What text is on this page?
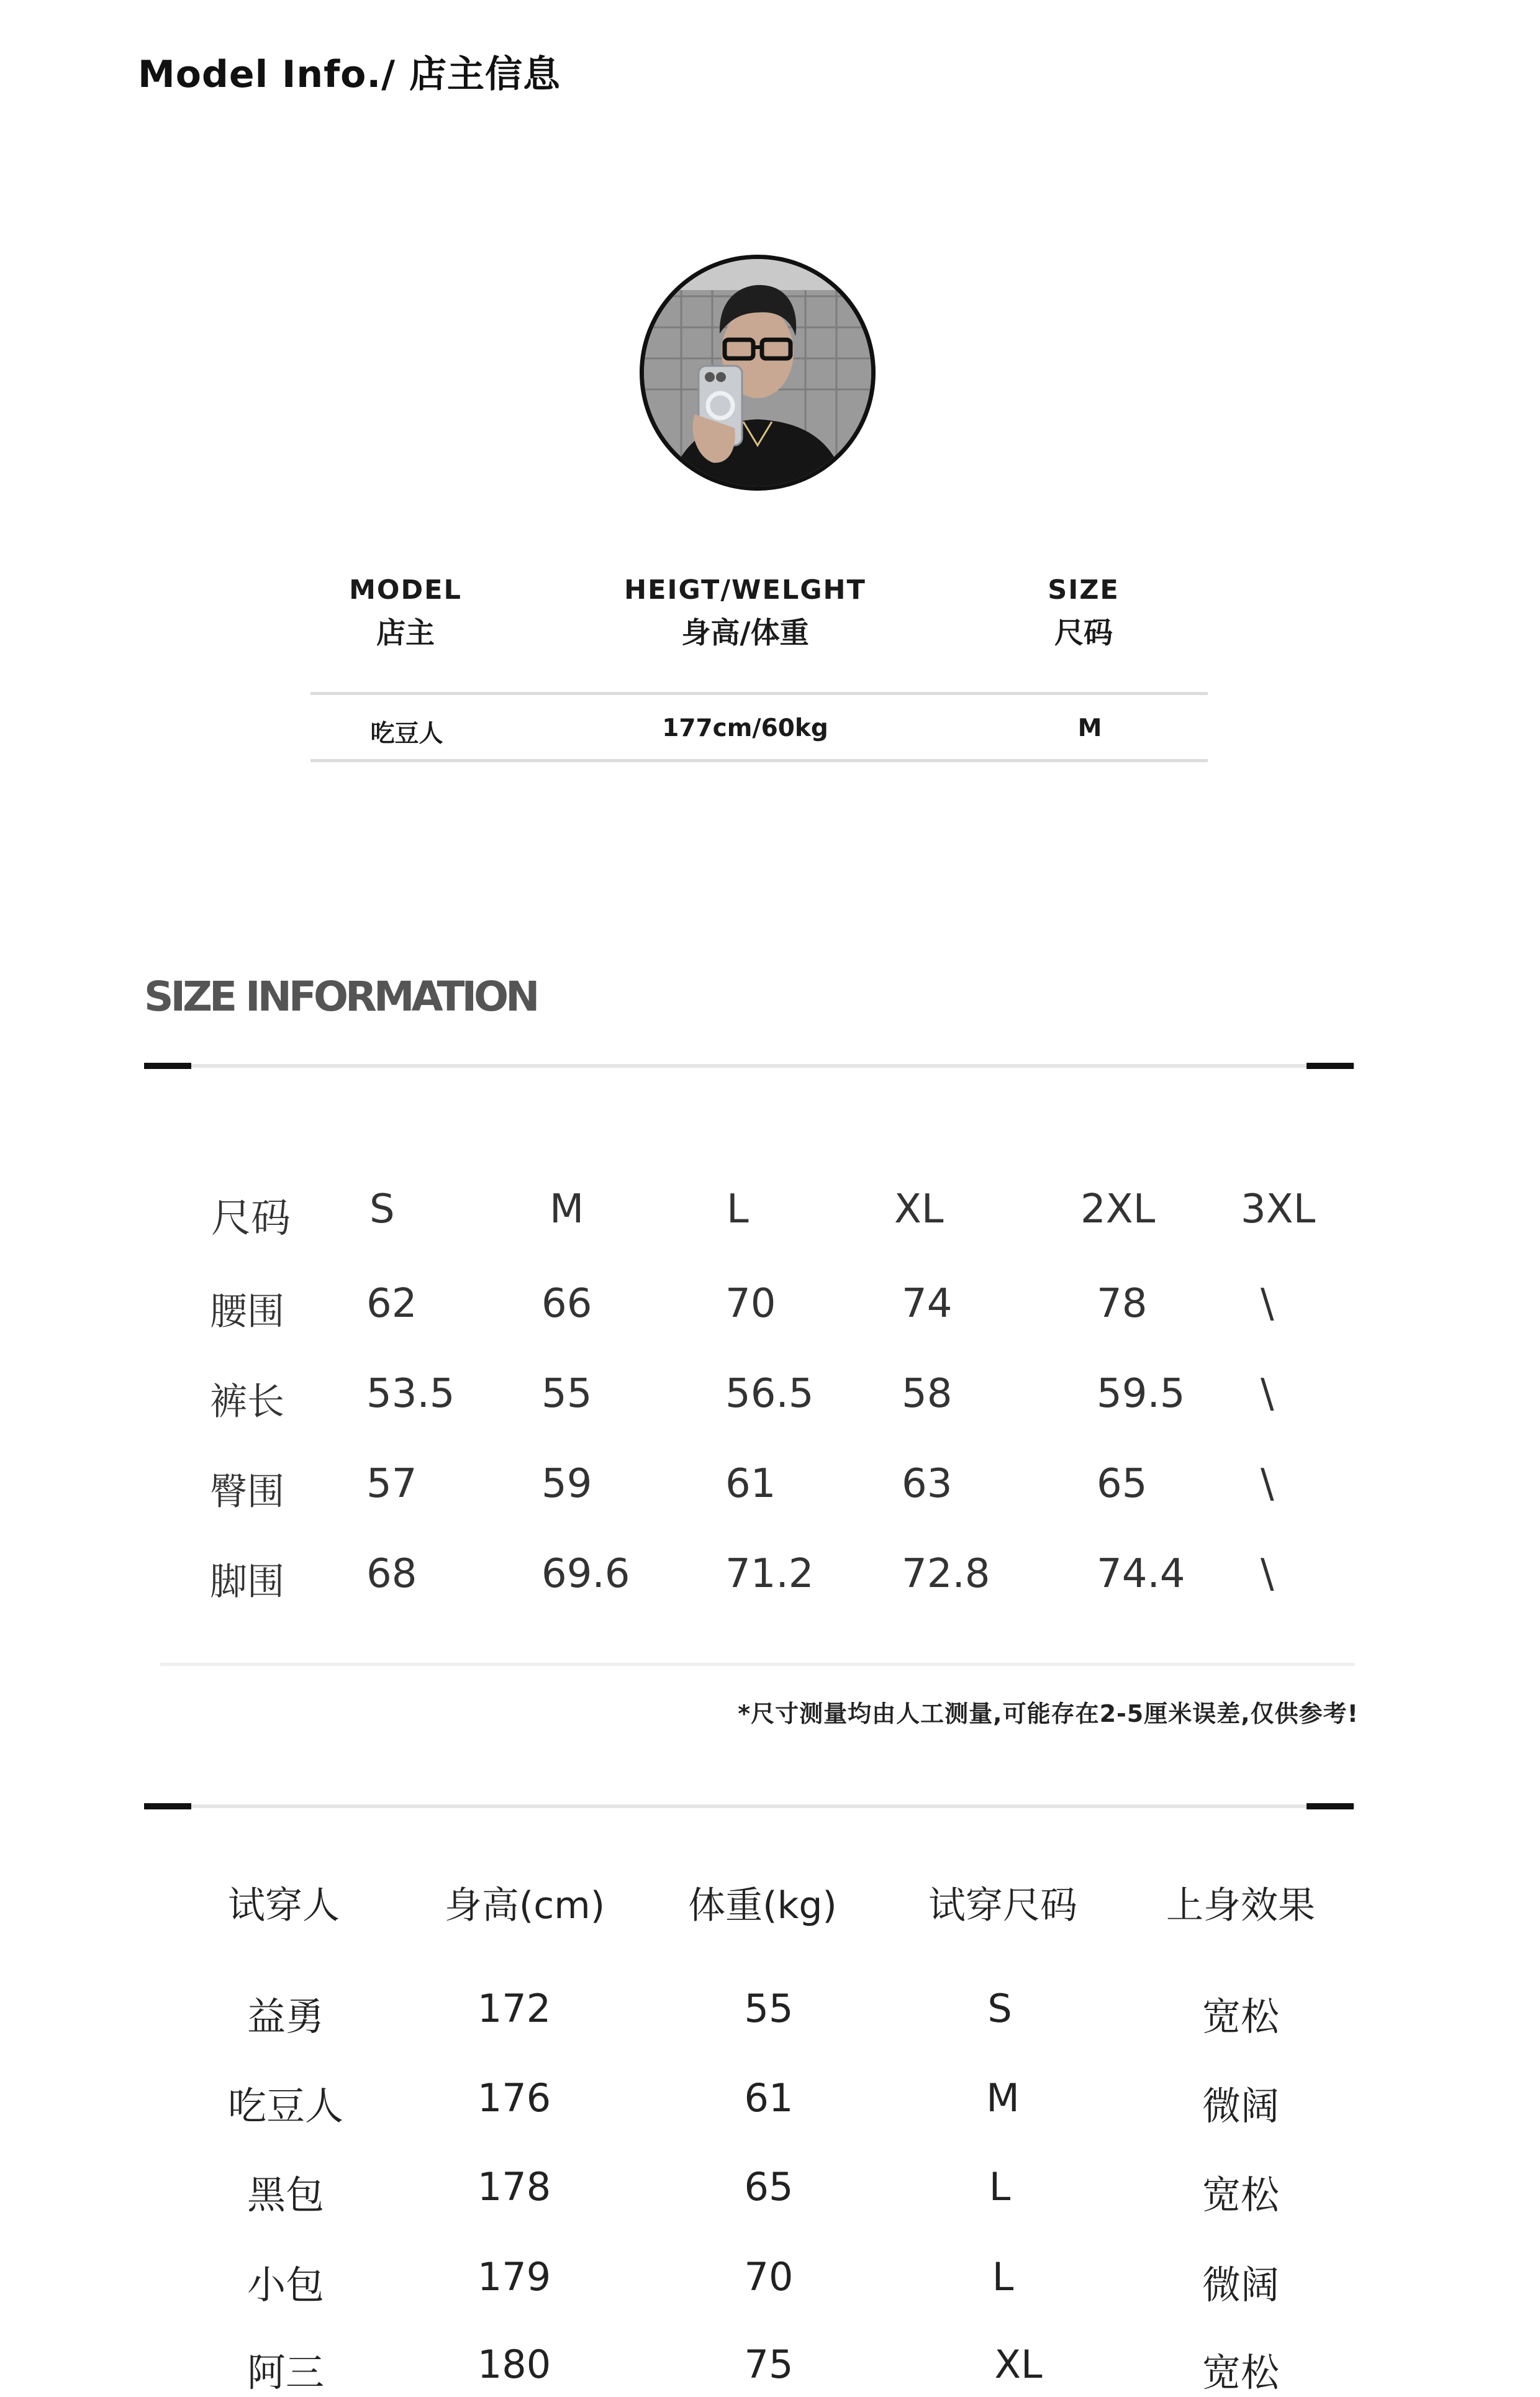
Model Info./ 店主信息
MODEL
店主
HEIGT/WELGHT
身高/体重
SIZE
尺码
吃豆人	177cm/60kg	M
SIZE INFORMATION
尺码 S	M	L	XL	2XL 3XL
腰围 62	66	70	74	78	\
裤长 53.5 55	56.5 58	59.5 \
臀围 57	59	61	63	65	\
脚围 68	69.6 71.2 72.8	74.4 \
*尺寸测量均由人工测量,可能存在2-5厘米误差,仅供参考!
试穿人	身高(cm) 体重(kg) 试穿尺码 上身效果
益勇	172	55	S	宽松
吃豆人	176	61	M	微阔
黑包	178	65	L	宽松
小包	179	70	L	微阔
阿三	180	75	XL	宽松
